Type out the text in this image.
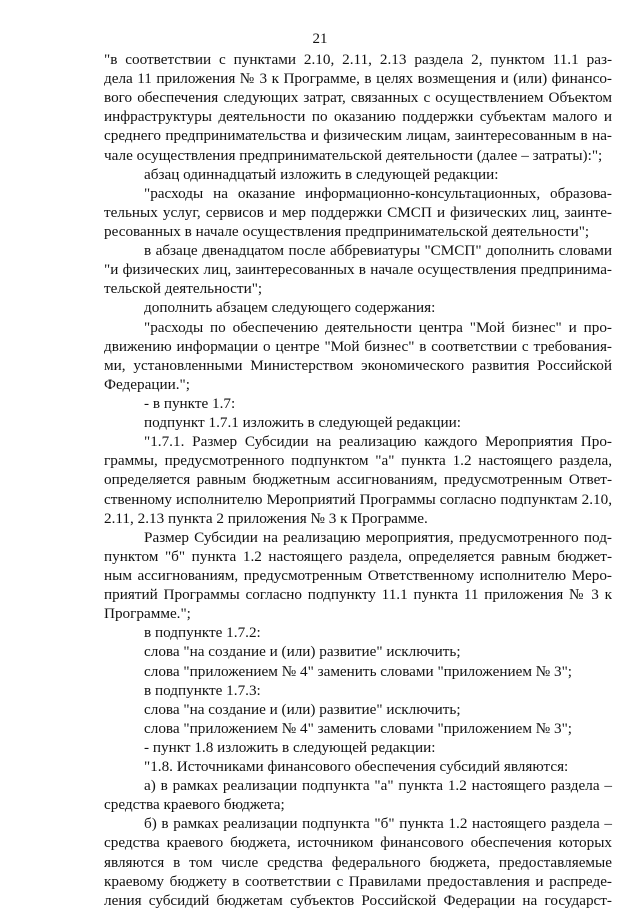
21
"в соответствии с пунктами 2.10, 2.11, 2.13 раздела 2, пунктом 11.1 раз-
дела 11 приложения № 3 к Программе, в целях возмещения и (или) финансо-
вого обеспечения следующих затрат, связанных с осуществлением Объектом
инфраструктуры деятельности по оказанию поддержки субъектам малого и
среднего предпринимательства и физическим лицам, заинтересованным в на-
чале осуществления предпринимательской деятельности (далее – затраты):";
абзац одиннадцатый изложить в следующей редакции:
"расходы на оказание информационно-консультационных, образова-
тельных услуг, сервисов и мер поддержки СМСП и физических лиц, заинте-
ресованных в начале осуществления предпринимательской деятельности";
в абзаце двенадцатом после аббревиатуры "СМСП" дополнить словами
"и физических лиц, заинтересованных в начале осуществления предпринима-
тельской деятельности";
дополнить абзацем следующего содержания:
"расходы по обеспечению деятельности центра "Мой бизнес" и про-
движению информации о центре "Мой бизнес" в соответствии с требования-
ми, установленными Министерством экономического развития Российской
Федерации.";
- в пункте 1.7:
подпункт 1.7.1 изложить в следующей редакции:
"1.7.1. Размер Субсидии на реализацию каждого Мероприятия Про-
граммы, предусмотренного подпунктом "а" пункта 1.2 настоящего раздела,
определяется равным бюджетным ассигнованиям, предусмотренным Ответ-
ственному исполнителю Мероприятий Программы согласно подпунктам 2.10,
2.11, 2.13 пункта 2 приложения № 3 к Программе.
Размер Субсидии на реализацию мероприятия, предусмотренного под-
пунктом "б" пункта 1.2 настоящего раздела, определяется равным бюджет-
ным ассигнованиям, предусмотренным Ответственному исполнителю Меро-
приятий Программы согласно подпункту 11.1 пункта 11 приложения № 3 к
Программе.";
в подпункте 1.7.2:
слова "на создание и (или) развитие" исключить;
слова "приложением № 4" заменить словами "приложением № 3";
в подпункте 1.7.3:
слова "на создание и (или) развитие" исключить;
слова "приложением № 4" заменить словами "приложением № 3";
- пункт 1.8 изложить в следующей редакции:
"1.8. Источниками финансового обеспечения субсидий являются:
а) в рамках реализации подпункта "а" пункта 1.2 настоящего раздела –
средства краевого бюджета;
б) в рамках реализации подпункта "б" пункта 1.2 настоящего раздела –
средства краевого бюджета, источником финансового обеспечения которых
являются в том числе средства федерального бюджета, предоставляемые
краевому бюджету в соответствии с Правилами предоставления и распреде-
ления субсидий бюджетам субъектов Российской Федерации на государст-
